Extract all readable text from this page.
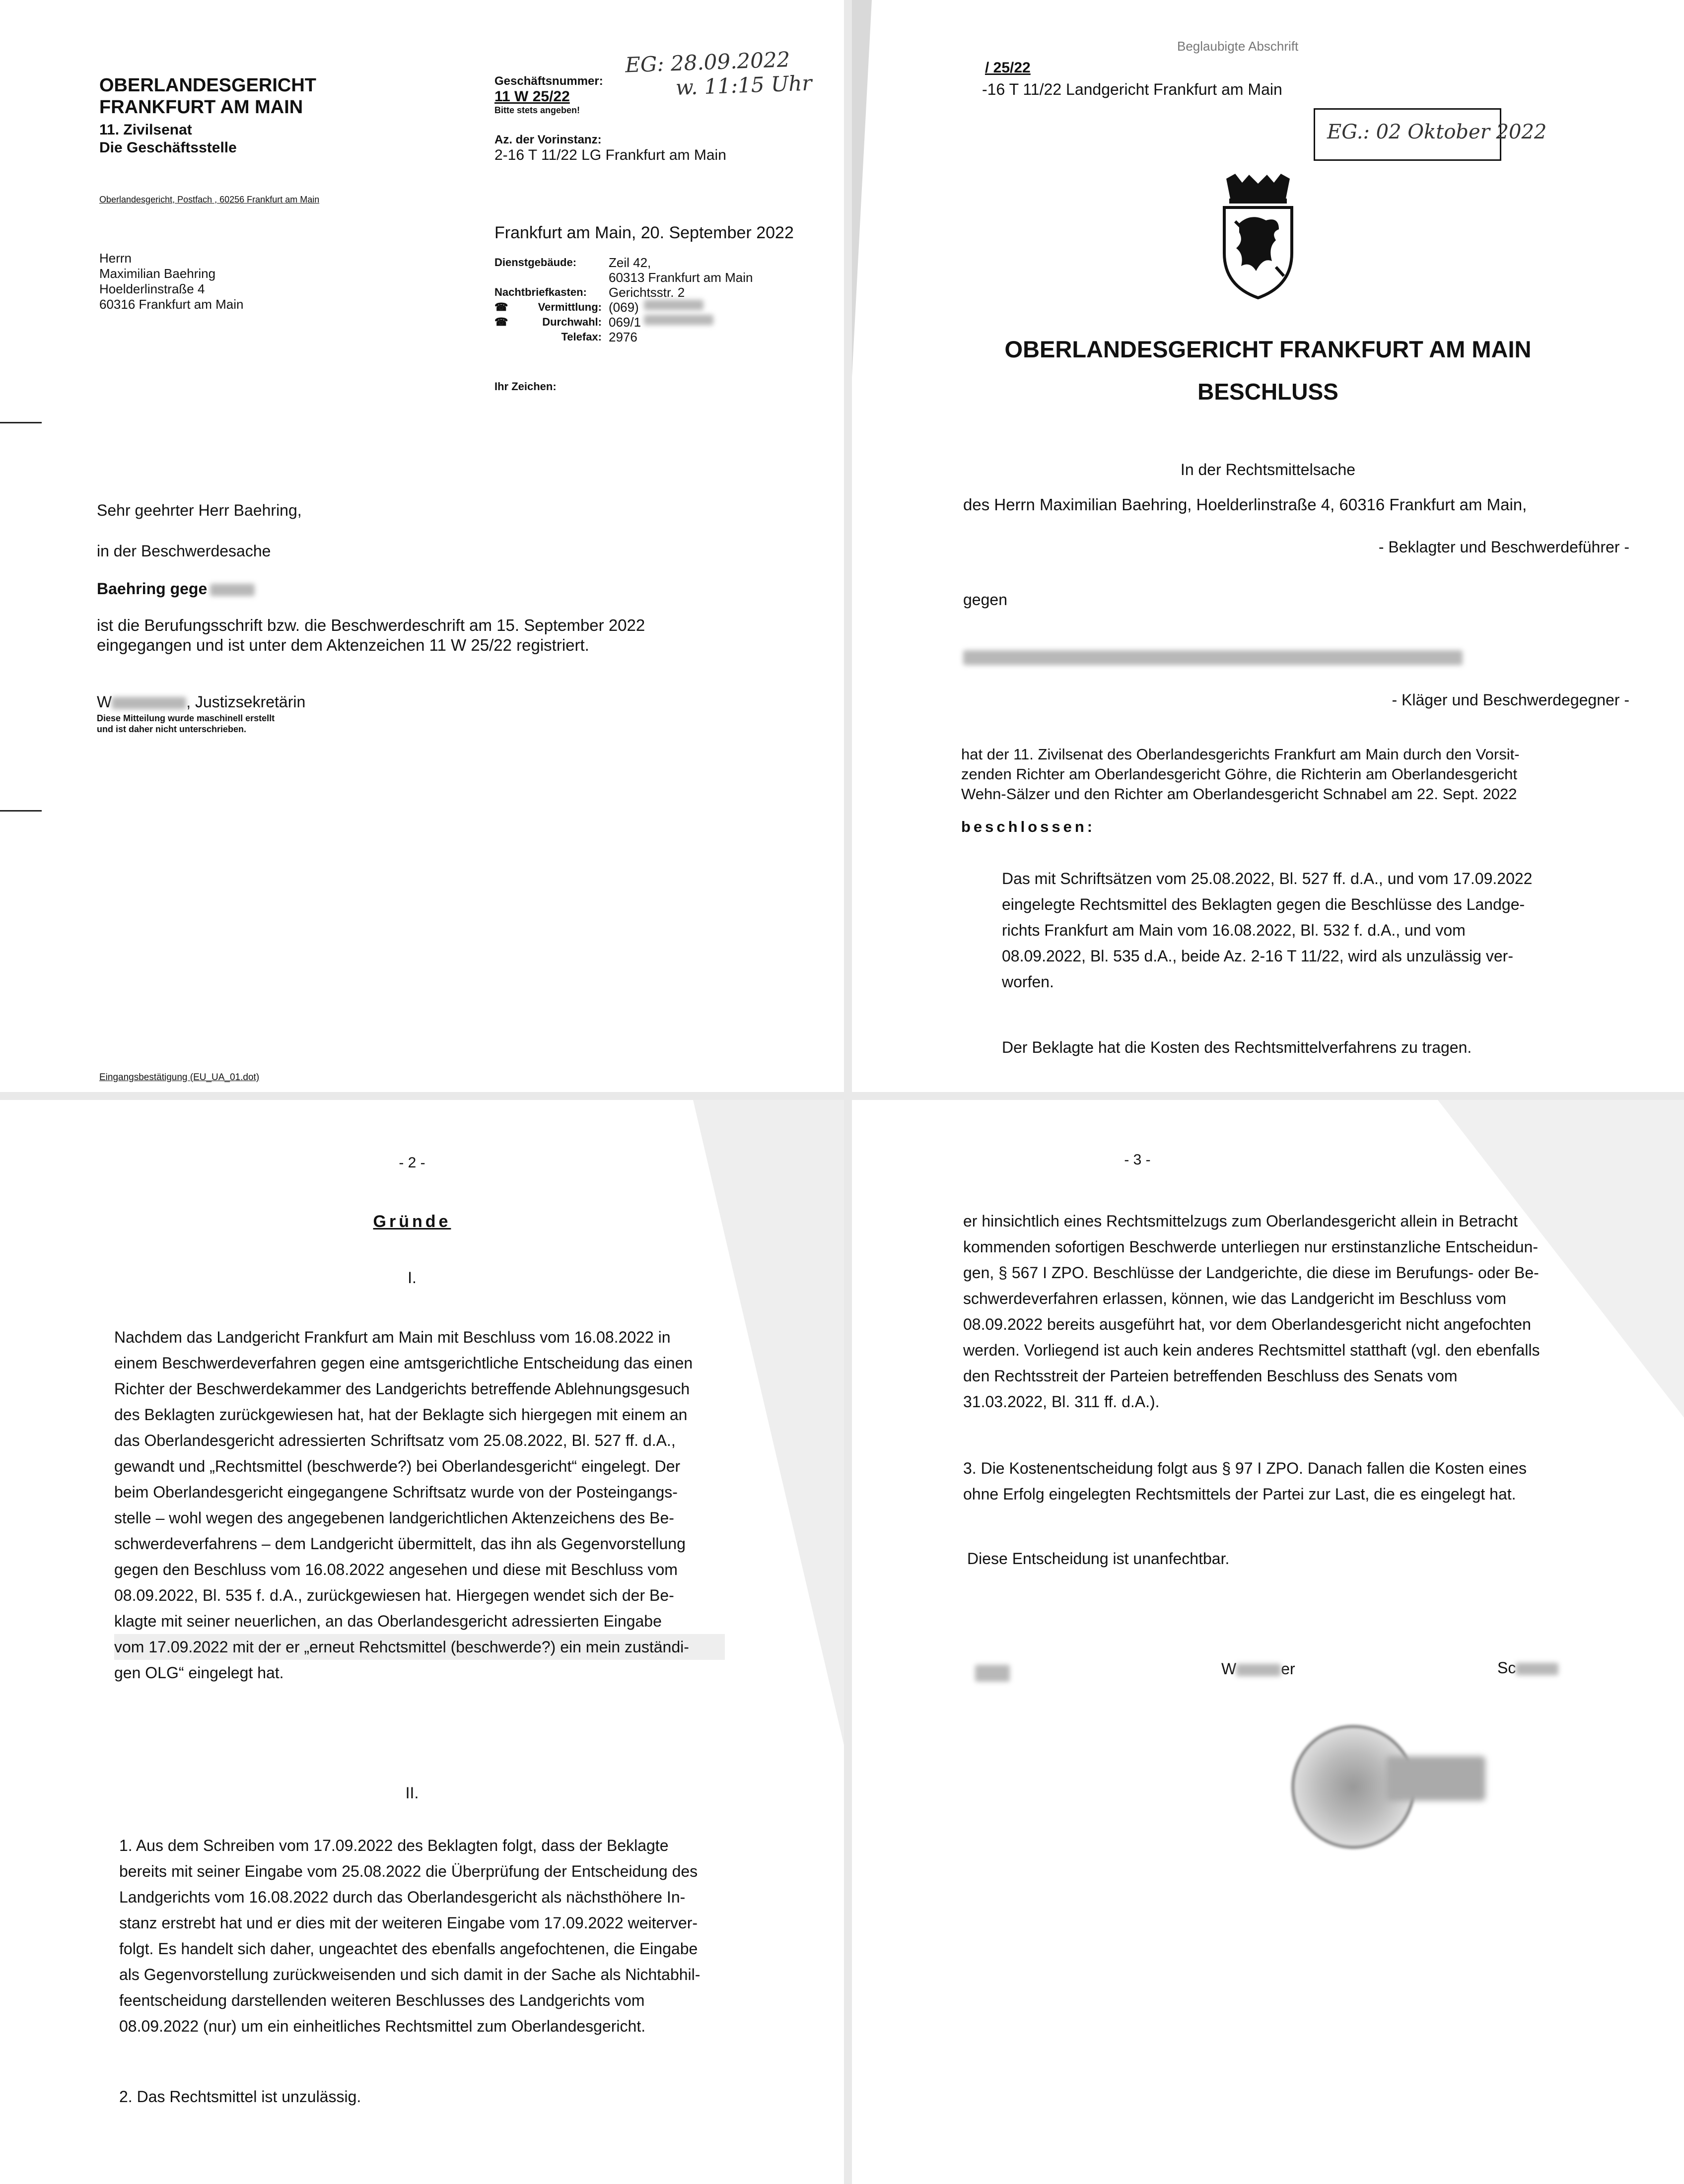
OBERLANDESGERICHT
FRANKFURT AM MAIN
11. Zivilsenat
Die Geschäftsstelle
Oberlandesgericht, Postfach , 60256 Frankfurt am Main
Geschäftsnummer:
11 W 25/22
Bitte stets angeben!
Az. der Vorinstanz:
2-16 T 11/22 LG Frankfurt am Main
EG: 28.09.2022
w. 11:15 Uhr
Herrn
Maximilian Baehring
Hoelderlinstraße 4
60316 Frankfurt am Main
Frankfurt am Main, 20. September 2022
Dienstgebäude:	Zeil 42,
60313 Frankfurt am Main
Nachtbriefkasten:	Gerichtsstr. 2
☎	Vermittlung: (069)
☎	Durchwahl: 069/1
Telefax: 2976
Ihr Zeichen:
Sehr geehrter Herr Baehring,
in der Beschwerdesache
Baehring gege
ist die Berufungsschrift bzw. die Beschwerdeschrift am 15. September 2022
eingegangen und ist unter dem Aktenzeichen 11 W 25/22 registriert.
W	, Justizsekretärin
Diese Mitteilung wurde maschinell erstellt
und ist daher nicht unterschrieben.
Eingangsbestätigung (EU_UA_01.dot)
Beglaubigte Abschrift
/ 25/22
-16 T 11/22 Landgericht Frankfurt am Main
EG.: 02 Oktober 2022
OBERLANDESGERICHT FRANKFURT AM MAIN
BESCHLUSS
In der Rechtsmittelsache
des Herrn Maximilian Baehring, Hoelderlinstraße 4, 60316 Frankfurt am Main,
- Beklagter und Beschwerdeführer -
gegen
- Kläger und Beschwerdegegner -
hat der 11. Zivilsenat des Oberlandesgerichts Frankfurt am Main durch den Vorsit-
zenden Richter am Oberlandesgericht Göhre, die Richterin am Oberlandesgericht
Wehn-Sälzer und den Richter am Oberlandesgericht Schnabel am 22. Sept. 2022
beschlossen:
Das mit Schriftsätzen vom 25.08.2022, Bl. 527 ff. d.A., und vom 17.09.2022
eingelegte Rechtsmittel des Beklagten gegen die Beschlüsse des Landge-
richts Frankfurt am Main vom 16.08.2022, Bl. 532 f. d.A., und vom
08.09.2022, Bl. 535 d.A., beide Az. 2-16 T 11/22, wird als unzulässig ver-
worfen.
Der Beklagte hat die Kosten des Rechtsmittelverfahrens zu tragen.
- 2 -
Gründe
I.
Nachdem das Landgericht Frankfurt am Main mit Beschluss vom 16.08.2022 in
einem Beschwerdeverfahren gegen eine amtsgerichtliche Entscheidung das einen
Richter der Beschwerdekammer des Landgerichts betreffende Ablehnungsgesuch
des Beklagten zurückgewiesen hat, hat der Beklagte sich hiergegen mit einem an
das Oberlandesgericht adressierten Schriftsatz vom 25.08.2022, Bl. 527 ff. d.A.,
gewandt und „Rechtsmittel (beschwerde?) bei Oberlandesgericht“ eingelegt. Der
beim Oberlandesgericht eingegangene Schriftsatz wurde von der Posteingangs-
stelle – wohl wegen des angegebenen landgerichtlichen Aktenzeichens des Be-
schwerdeverfahrens – dem Landgericht übermittelt, das ihn als Gegenvorstellung
gegen den Beschluss vom 16.08.2022 angesehen und diese mit Beschluss vom
08.09.2022, Bl. 535 f. d.A., zurückgewiesen hat. Hiergegen wendet sich der Be-
klagte mit seiner neuerlichen, an das Oberlandesgericht adressierten Eingabe
vom 17.09.2022 mit der er „erneut Rehctsmittel (beschwerde?) ein mein zuständi-
gen OLG“ eingelegt hat.
II.
1. Aus dem Schreiben vom 17.09.2022 des Beklagten folgt, dass der Beklagte
bereits mit seiner Eingabe vom 25.08.2022 die Überprüfung der Entscheidung des
Landgerichts vom 16.08.2022 durch das Oberlandesgericht als nächsthöhere In-
stanz erstrebt hat und er dies mit der weiteren Eingabe vom 17.09.2022 weiterver-
folgt. Es handelt sich daher, ungeachtet des ebenfalls angefochtenen, die Eingabe
als Gegenvorstellung zurückweisenden und sich damit in der Sache als Nichtabhil-
feentscheidung darstellenden weiteren Beschlusses des Landgerichts vom
08.09.2022 (nur) um ein einheitliches Rechtsmittel zum Oberlandesgericht.
2. Das Rechtsmittel ist unzulässig.
- 3 -
er hinsichtlich eines Rechtsmittelzugs zum Oberlandesgericht allein in Betracht
kommenden sofortigen Beschwerde unterliegen nur erstinstanzliche Entscheidun-
gen, § 567 I ZPO. Beschlüsse der Landgerichte, die diese im Berufungs- oder Be-
schwerdeverfahren erlassen, können, wie das Landgericht im Beschluss vom
08.09.2022 bereits ausgeführt hat, vor dem Oberlandesgericht nicht angefochten
werden. Vorliegend ist auch kein anderes Rechtsmittel statthaft (vgl. den ebenfalls
den Rechtsstreit der Parteien betreffenden Beschluss des Senats vom
31.03.2022, Bl. 311 ff. d.A.).
3. Die Kostenentscheidung folgt aus § 97 I ZPO. Danach fallen die Kosten eines
ohne Erfolg eingelegten Rechtsmittels der Partei zur Last, die es eingelegt hat.
Diese Entscheidung ist unanfechtbar.
W	er	Sc
